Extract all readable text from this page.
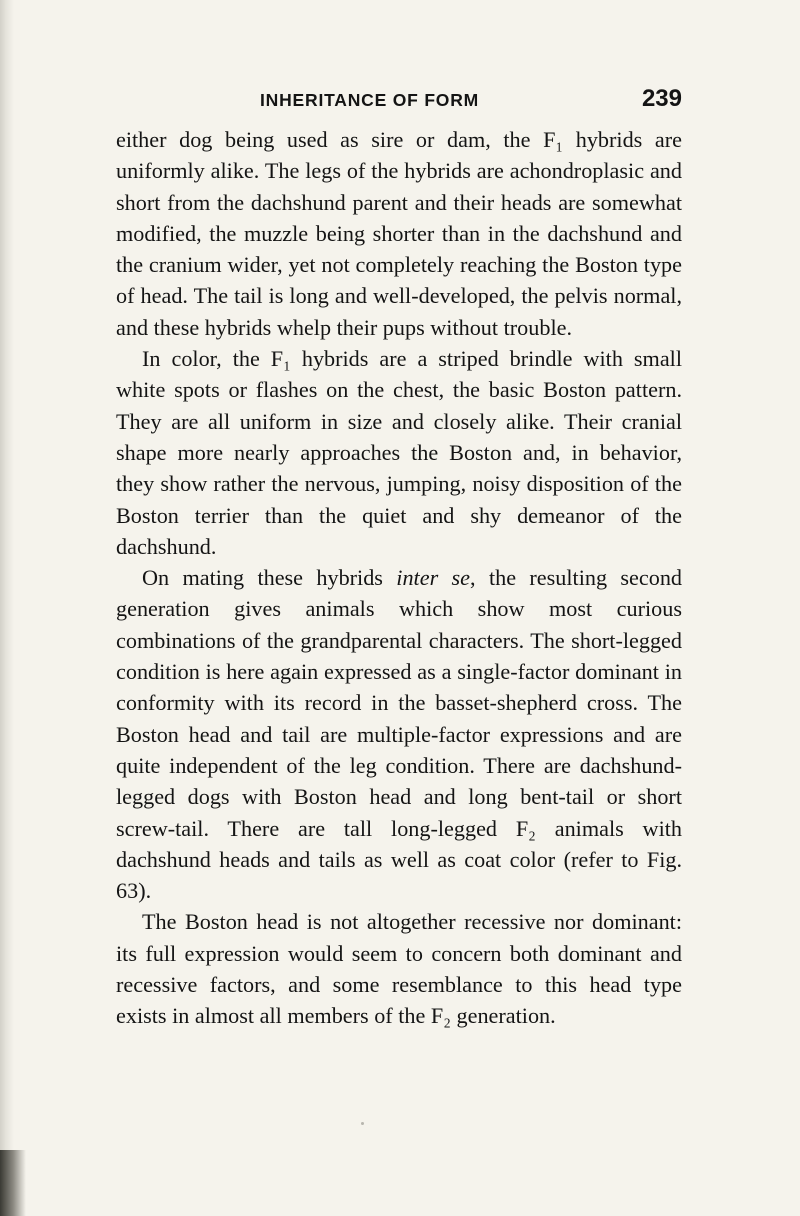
INHERITANCE OF FORM	239

either dog being used as sire or dam, the F₁ hybrids are uniformly alike. The legs of the hybrids are achondroplasic and short from the dachshund parent and their heads are somewhat modified, the muzzle being shorter than in the dachshund and the cranium wider, yet not completely reaching the Boston type of head. The tail is long and well-developed, the pelvis normal, and these hybrids whelp their pups without trouble.

In color, the F₁ hybrids are a striped brindle with small white spots or flashes on the chest, the basic Boston pattern. They are all uniform in size and closely alike. Their cranial shape more nearly approaches the Boston and, in behavior, they show rather the nervous, jumping, noisy disposition of the Boston terrier than the quiet and shy demeanor of the dachshund.

On mating these hybrids inter se, the resulting second generation gives animals which show most curious combinations of the grandparental characters. The short-legged condition is here again expressed as a single-factor dominant in conformity with its record in the basset-shepherd cross. The Boston head and tail are multiple-factor expressions and are quite independent of the leg condition. There are dachshund-legged dogs with Boston head and long bent-tail or short screw-tail. There are tall long-legged F₂ animals with dachshund heads and tails as well as coat color (refer to Fig. 63).

The Boston head is not altogether recessive nor dominant: its full expression would seem to concern both dominant and recessive factors, and some resemblance to this head type exists in almost all members of the F₂ generation.
